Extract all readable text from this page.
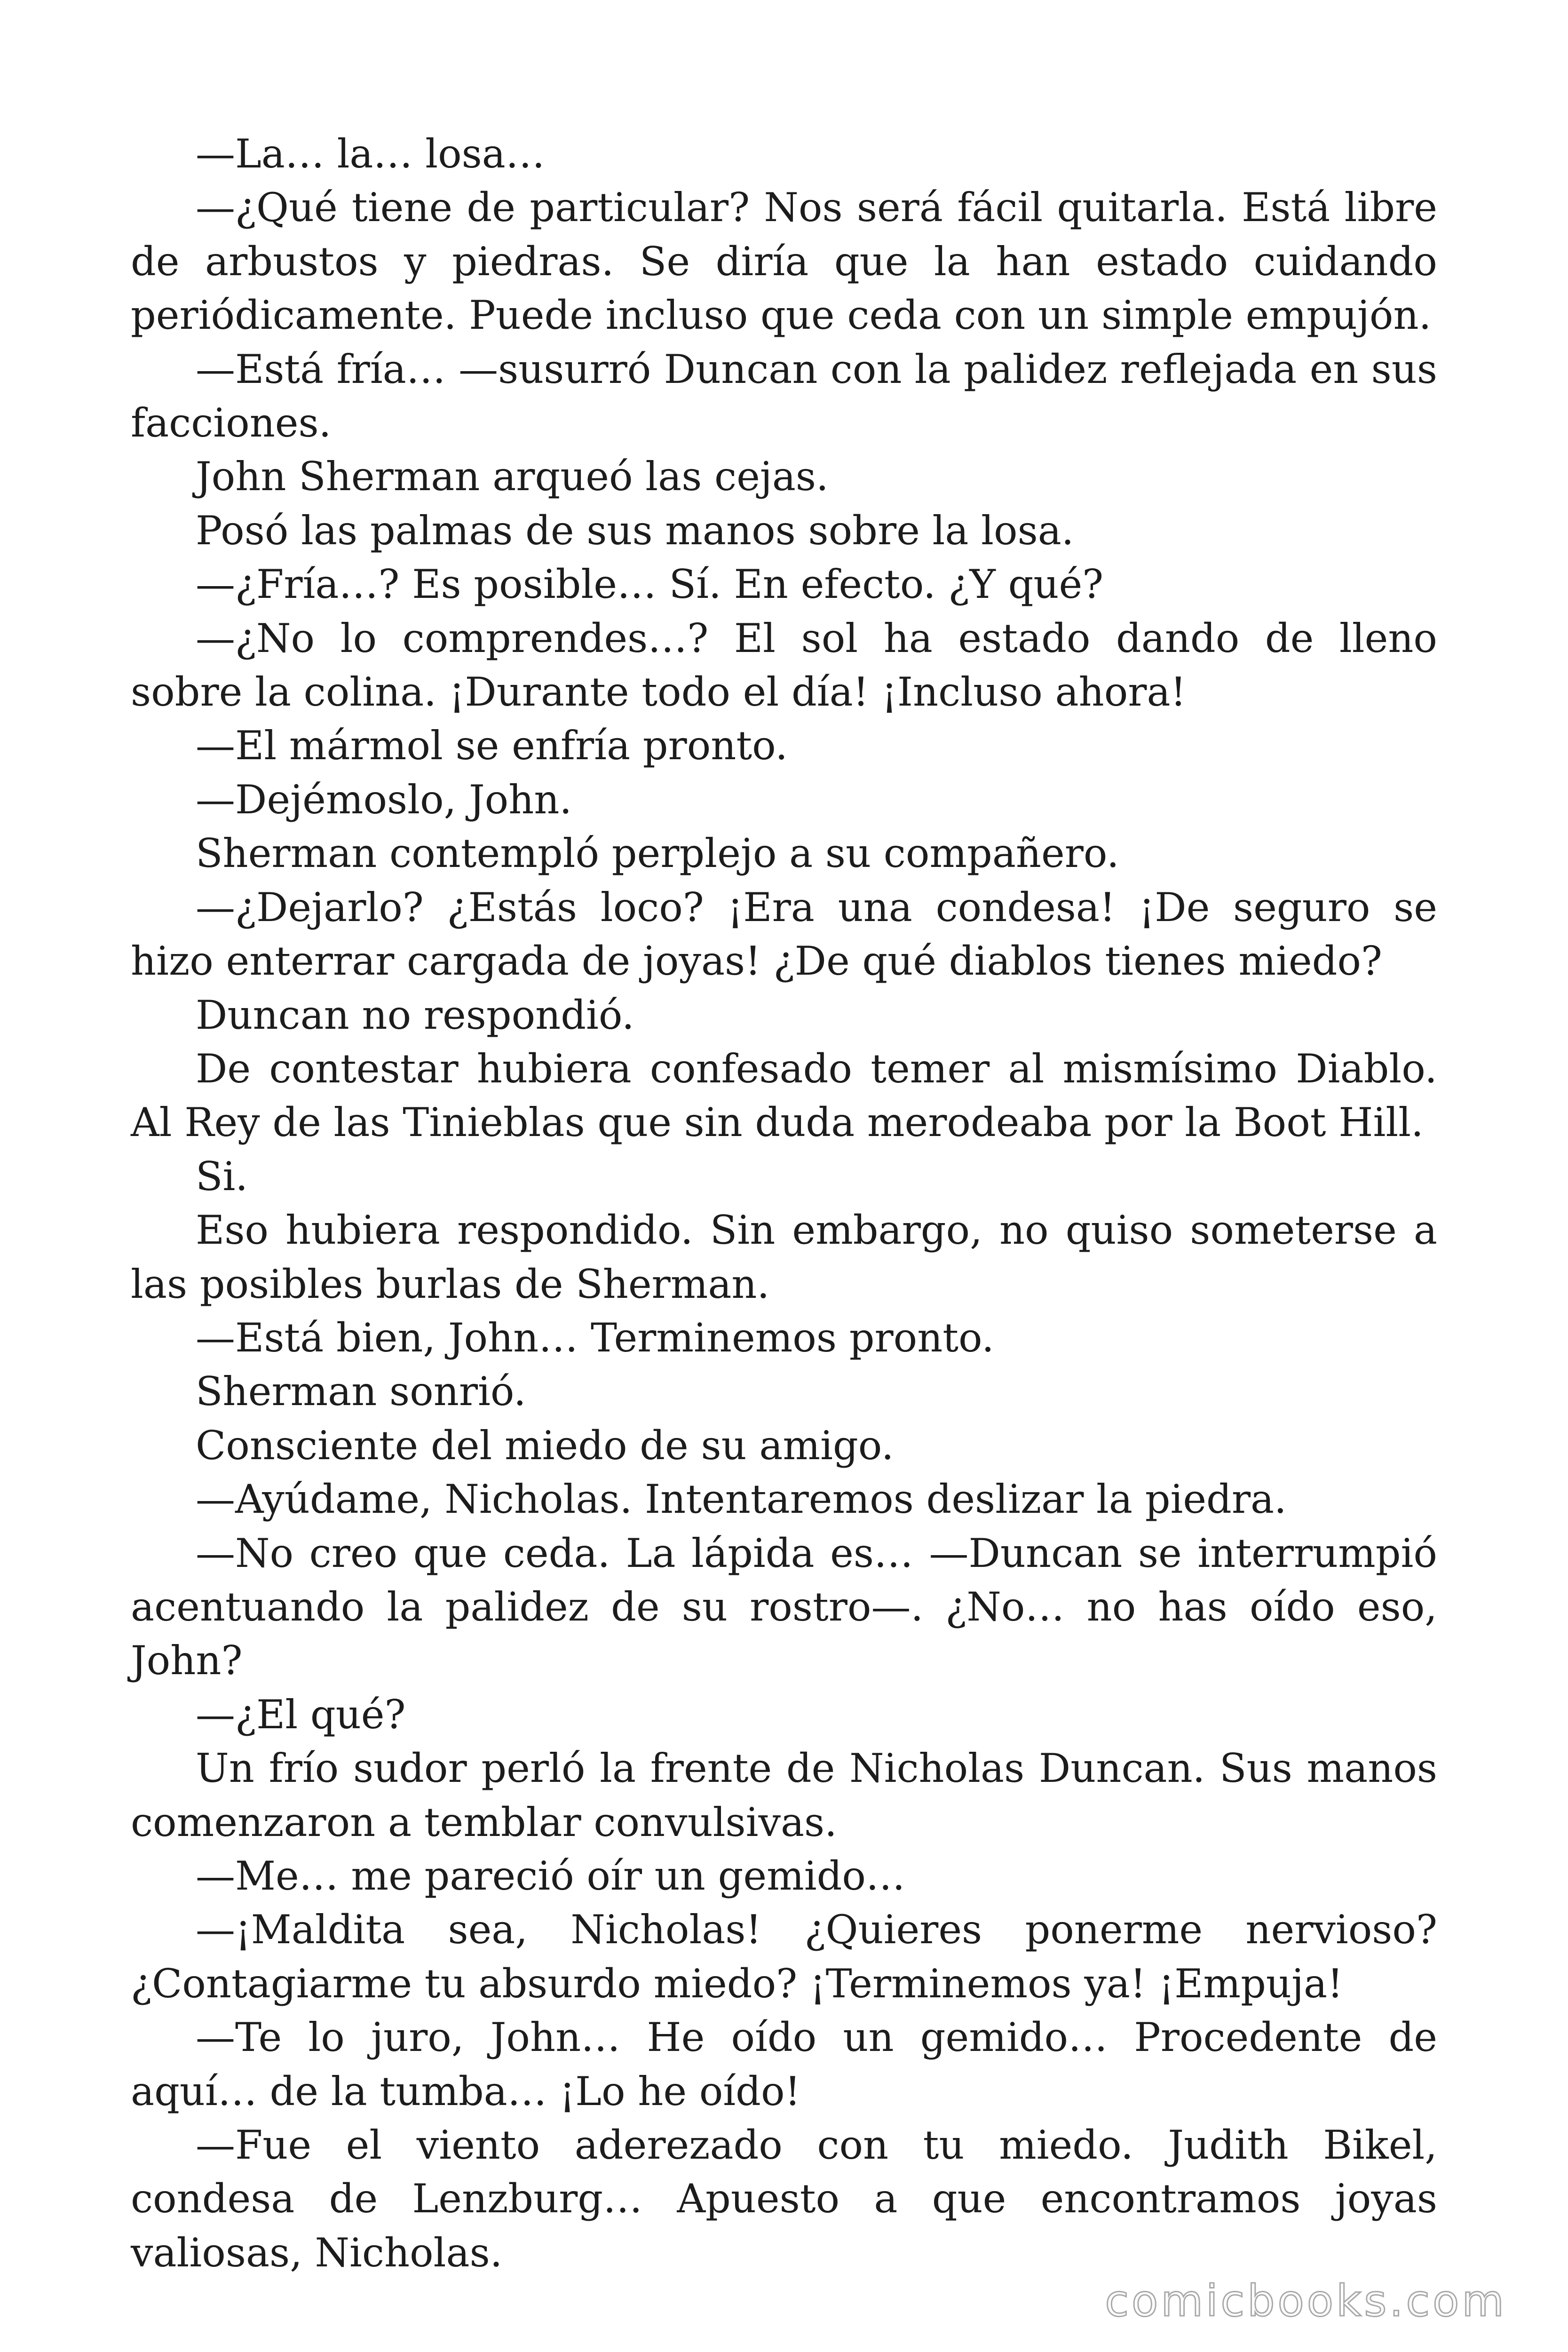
—La… la… losa…

—¿Qué tiene de particular? Nos será fácil quitarla. Está libre de arbustos y piedras. Se diría que la han estado cuidando periódicamente. Puede incluso que ceda con un simple empujón.

—Está fría… —susurró Duncan con la palidez reflejada en sus facciones.

John Sherman arqueó las cejas.

Posó las palmas de sus manos sobre la losa.

—¿Fría…? Es posible… Sí. En efecto. ¿Y qué?

—¿No lo comprendes…? El sol ha estado dando de lleno sobre la colina. ¡Durante todo el día! ¡Incluso ahora!

—El mármol se enfría pronto.

—Dejémoslo, John.

Sherman contempló perplejo a su compañero.

—¿Dejarlo? ¿Estás loco? ¡Era una condesa! ¡De seguro se hizo enterrar cargada de joyas! ¿De qué diablos tienes miedo?

Duncan no respondió.

De contestar hubiera confesado temer al mismísimo Diablo. Al Rey de las Tinieblas que sin duda merodeaba por la Boot Hill.

Si.

Eso hubiera respondido. Sin embargo, no quiso someterse a las posibles burlas de Sherman.

—Está bien, John… Terminemos pronto.

Sherman sonrió.

Consciente del miedo de su amigo.

—Ayúdame, Nicholas. Intentaremos deslizar la piedra.

—No creo que ceda. La lápida es… —Duncan se interrumpió acentuando la palidez de su rostro—. ¿No… no has oído eso, John?

—¿El qué?

Un frío sudor perló la frente de Nicholas Duncan. Sus manos comenzaron a temblar convulsivas.

—Me… me pareció oír un gemido…

—¡Maldita sea, Nicholas! ¿Quieres ponerme nervioso? ¿Contagiarme tu absurdo miedo? ¡Terminemos ya! ¡Empuja!

—Te lo juro, John… He oído un gemido… Procedente de aquí… de la tumba… ¡Lo he oído!

—Fue el viento aderezado con tu miedo. Judith Bikel, condesa de Lenzburg… Apuesto a que encontramos joyas valiosas, Nicholas.

comicbooks.com
